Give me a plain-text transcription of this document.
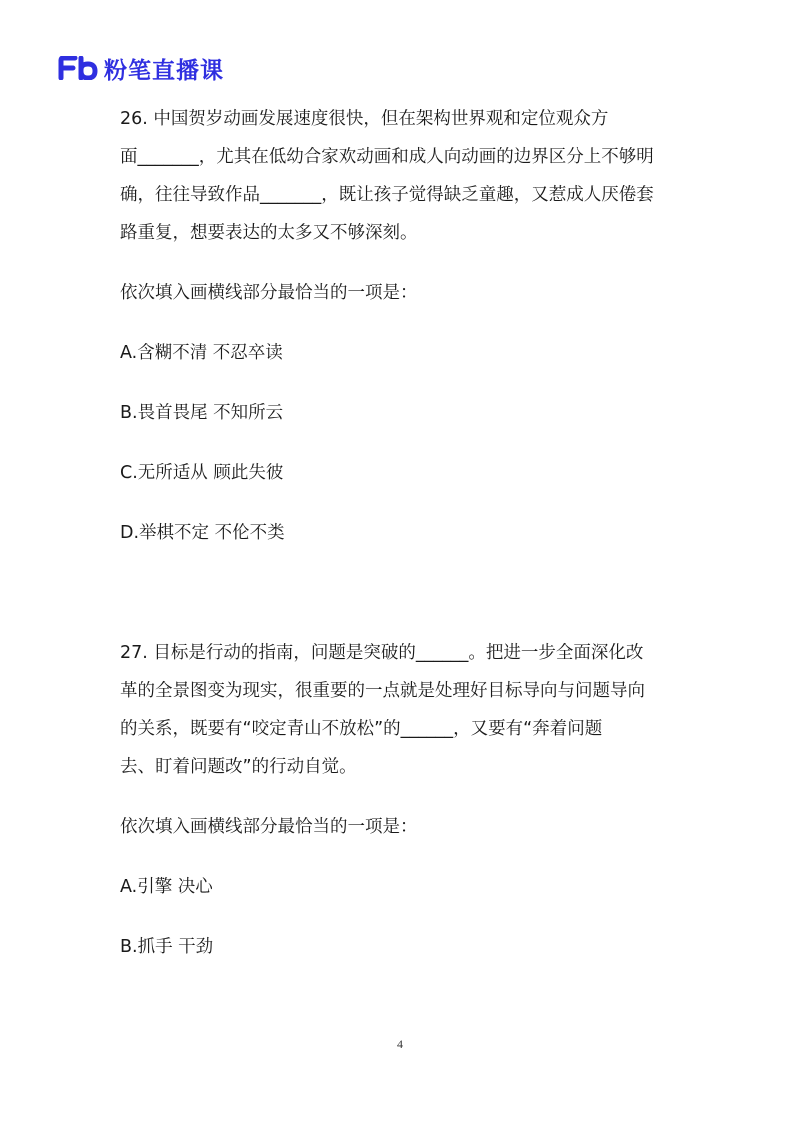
粉笔直播课

26. 中国贺岁动画发展速度很快，但在架构世界观和定位观众方

面_______，尤其在低幼合家欢动画和成人向动画的边界区分上不够明

确，往往导致作品_______，既让孩子觉得缺乏童趣，又惹成人厌倦套

路重复，想要表达的太多又不够深刻。

依次填入画横线部分最恰当的一项是：

A.含糊不清 不忍卒读

B.畏首畏尾 不知所云

C.无所适从 顾此失彼

D.举棋不定 不伦不类

27. 目标是行动的指南，问题是突破的______。把进一步全面深化改

革的全景图变为现实，很重要的一点就是处理好目标导向与问题导向

的关系，既要有“咬定青山不放松”的______，又要有“奔着问题

去、盯着问题改”的行动自觉。

依次填入画横线部分最恰当的一项是：

A.引擎 决心

B.抓手 干劲

4
